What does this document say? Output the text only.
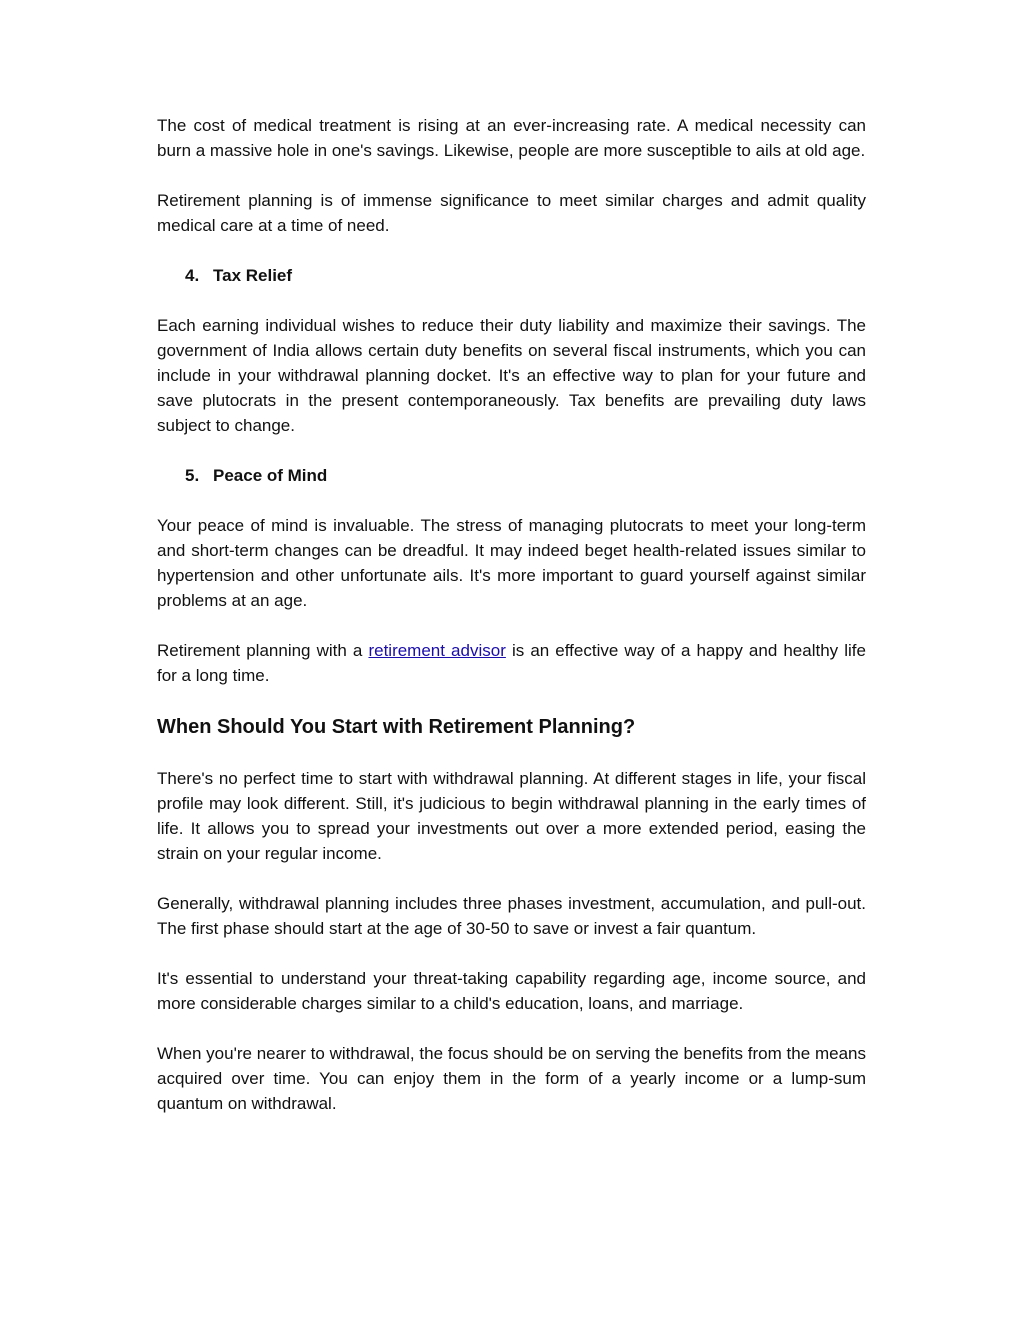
The cost of medical treatment is rising at an ever-increasing rate. A medical necessity can burn a massive hole in one's savings. Likewise, people are more susceptible to ails at old age.

Retirement planning is of immense significance to meet similar charges and admit quality medical care at a time of need.

4. Tax Relief

Each earning individual wishes to reduce their duty liability and maximize their savings. The government of India allows certain duty benefits on several fiscal instruments, which you can include in your withdrawal planning docket. It's an effective way to plan for your future and save plutocrats in the present contemporaneously. Tax benefits are prevailing duty laws subject to change.

5. Peace of Mind

Your peace of mind is invaluable. The stress of managing plutocrats to meet your long-term and short-term changes can be dreadful. It may indeed beget health-related issues similar to hypertension and other unfortunate ails. It's more important to guard yourself against similar problems at an age.

Retirement planning with a retirement advisor is an effective way of a happy and healthy life for a long time.

When Should You Start with Retirement Planning?

There's no perfect time to start with withdrawal planning. At different stages in life, your fiscal profile may look different. Still, it's judicious to begin withdrawal planning in the early times of life. It allows you to spread your investments out over a more extended period, easing the strain on your regular income.

Generally, withdrawal planning includes three phases investment, accumulation, and pull-out. The first phase should start at the age of 30-50 to save or invest a fair quantum.

It's essential to understand your threat-taking capability regarding age, income source, and more considerable charges similar to a child's education, loans, and marriage.

When you're nearer to withdrawal, the focus should be on serving the benefits from the means acquired over time. You can enjoy them in the form of a yearly income or a lump-sum quantum on withdrawal.
